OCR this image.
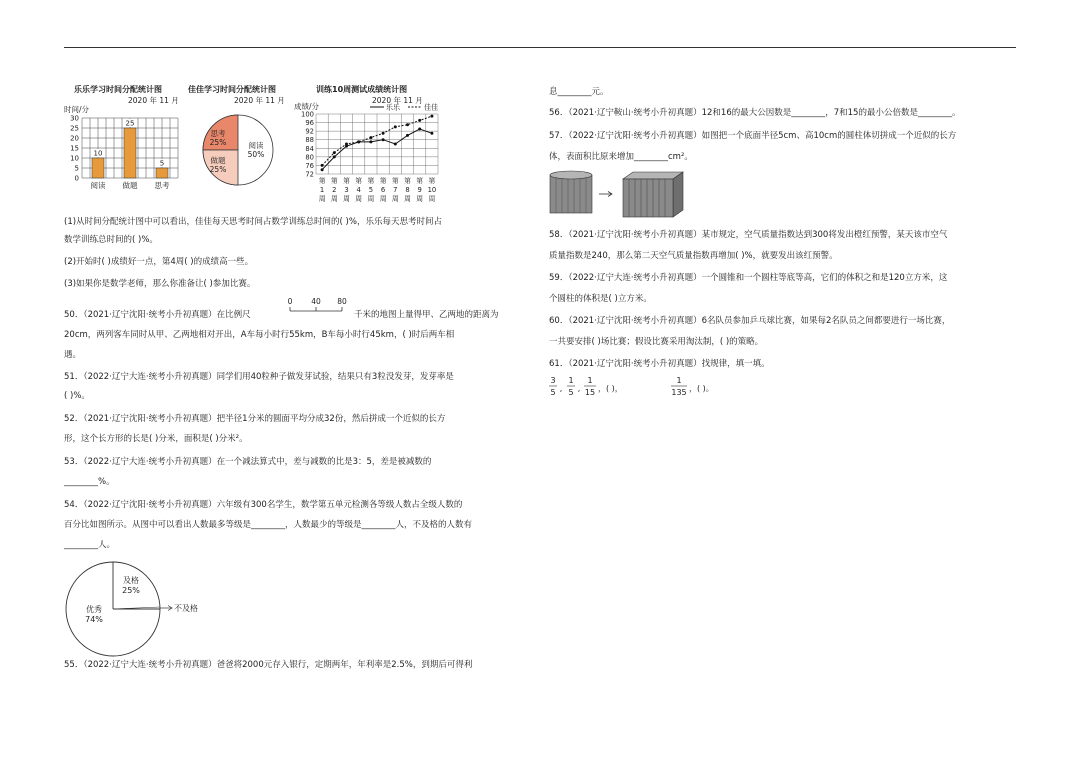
乐乐学习时间分配统计图
2020 年 11 月
时间/分
30
25
20
15
10
5
0
10
阅读
25
做题
5
思考
佳佳学习时间分配统计图
2020 年 11 月
思考
25%
做题
25%
阅读
50%
训练10周测试成绩统计图
2020 年 11 月
成绩/分
100
96
92
88
84
80
76
72
第
1
周
第
2
周
第
3
周
第
4
周
第
5
周
第
6
周
第
7
周
第
8
周
第
9
周
第
10
周
乐乐	佳佳
(1)从时间分配统计图中可以看出，佳佳每天思考时间占数学训练总时间的( )%，乐乐每天思考时间占
数学训练总时间的( )%。
(2)开始时( )成绩好一点，第4周( )的成绩高一些。
(3)如果你是数学老师，那么你准备让( )参加比赛。
0	40 80
50．（2021·辽宁沈阳·统考小升初真题）在比例尺	千米的地图上量得甲、乙两地的距离为
20cm，两列客车同时从甲、乙两地相对开出，A车每小时行55km，B车每小时行45km，( )时后两车相
遇。
51．（2022·辽宁大连·统考小升初真题）同学们用40粒种子做发芽试验，结果只有3粒没发芽，发芽率是
( )%。
52．（2021·辽宁沈阳·统考小升初真题）把半径1分米的圆面平均分成32份，然后拼成一个近似的长方
形，这个长方形的长是( )分米，面积是( )分米²。
53．（2022·辽宁大连·统考小升初真题）在一个减法算式中，差与减数的比是3：5，差是被减数的
________%。
54．（2022·辽宁沈阳·统考小升初真题）六年级有300名学生，数学第五单元检测各等级人数占全级人数的
百分比如图所示。从图中可以看出人数最多等级是________，人数最少的等级是________人，不及格的人数有
________人。
及格
25%
优秀
74%
不及格
55．（2022·辽宁大连·统考小升初真题）爸爸将2000元存入银行，定期两年，年利率是2.5%，到期后可得利
息________元。
56．（2021·辽宁鞍山·统考小升初真题）12和16的最大公因数是________，7和15的最小公倍数是________。
57．（2022·辽宁沈阳·统考小升初真题）如图把一个底面半径5cm、高10cm的圆柱体切拼成一个近似的长方
体，表面积比原来增加________cm²。
58．（2021·辽宁沈阳·统考小升初真题）某市规定，空气质量指数达到300将发出橙红预警，某天该市空气
质量指数是240，那么第二天空气质量指数再增加( )%，就要发出该红预警。
59．（2022·辽宁大连·统考小升初真题）一个圆锥和一个圆柱等底等高，它们的体积之和是120立方米，这
个圆柱的体积是( )立方米。
60．（2021·辽宁沈阳·统考小升初真题）6名队员参加乒乓球比赛，如果每2名队员之间都要进行一场比赛，
一共要安排( )场比赛；假设比赛采用淘汰制，( )的策略。
61．（2021·辽宁沈阳·统考小升初真题）找规律，填一填。
3
5 ,
1
5 ,
1
15 ，( )，
1
135 ，( )。
